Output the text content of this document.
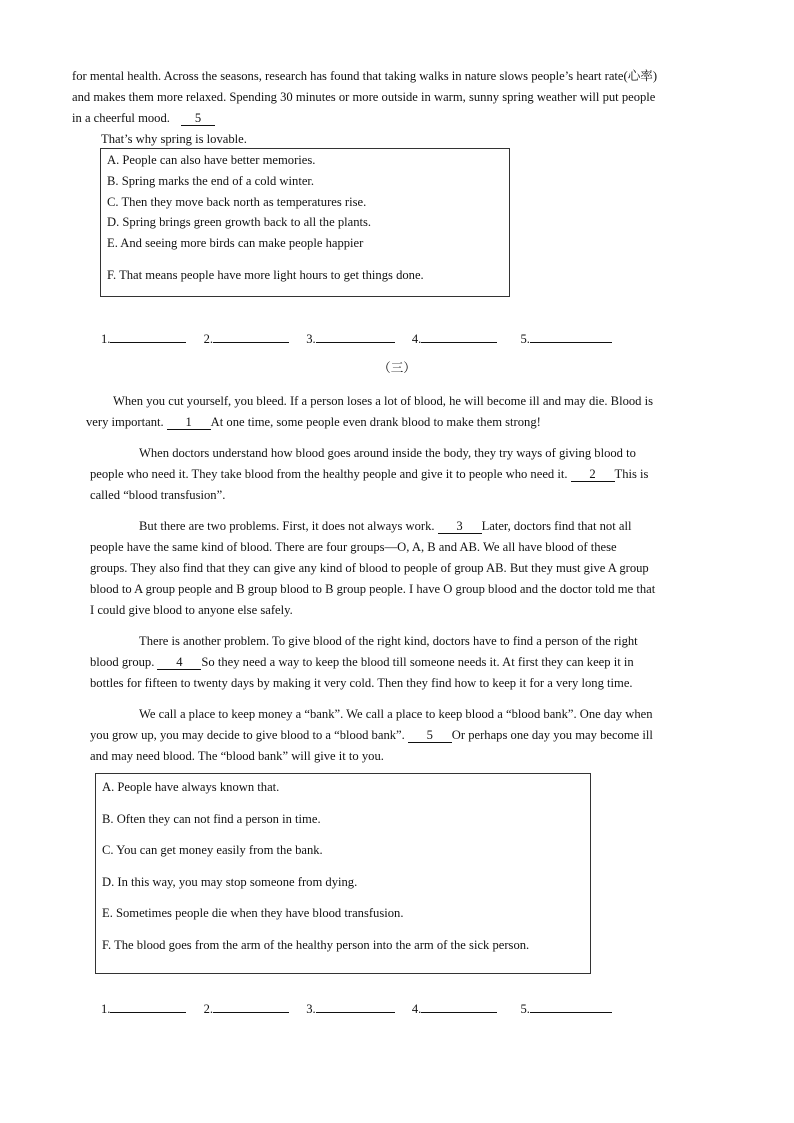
for mental health. Across the seasons, research has found that taking walks in nature slows people’s heart rate(心率)
and makes them more relaxed. Spending 30 minutes or more outside in warm, sunny spring weather will put people
in a cheerful mood. 5
That’s why spring is lovable.
A. People can also have better memories.
B. Spring marks the end of a cold winter.
C. Then they move back north as temperatures rise.
D. Spring brings green growth back to all the plants.
E. And seeing more birds can make people happier
F. That means people have more light hours to get things done.
1.	2.	3.	4.	5.
（三）
When you cut yourself, you bleed. If a person loses a lot of blood, he will become ill and may die. Blood is
very important. 1 At one time, some people even drank blood to make them strong!
When doctors understand how blood goes around inside the body, they try ways of giving blood to
people who need it. They take blood from the healthy people and give it to people who need it. 2 This is
called “blood transfusion”.
But there are two problems. First, it does not always work. 3 Later, doctors find that not all
people have the same kind of blood. There are four groups—O, A, B and AB. We all have blood of these
groups. They also find that they can give any kind of blood to people of group AB. But they must give A group
blood to A group people and B group blood to B group people. I have O group blood and the doctor told me that
I could give blood to anyone else safely.
There is another problem. To give blood of the right kind, doctors have to find a person of the right
blood group. 4 So they need a way to keep the blood till someone needs it. At first they can keep it in
bottles for fifteen to twenty days by making it very cold. Then they find how to keep it for a very long time.
We call a place to keep money a “bank”. We call a place to keep blood a “blood bank”. One day when
you grow up, you may decide to give blood to a “blood bank”. 5 Or perhaps one day you may become ill
and may need blood. The “blood bank” will give it to you.
A. People have always known that.
B. Often they can not find a person in time.
C. You can get money easily from the bank.
D. In this way, you may stop someone from dying.
E. Sometimes people die when they have blood transfusion.
F. The blood goes from the arm of the healthy person into the arm of the sick person.
1.	2.	3.	4.	5.
